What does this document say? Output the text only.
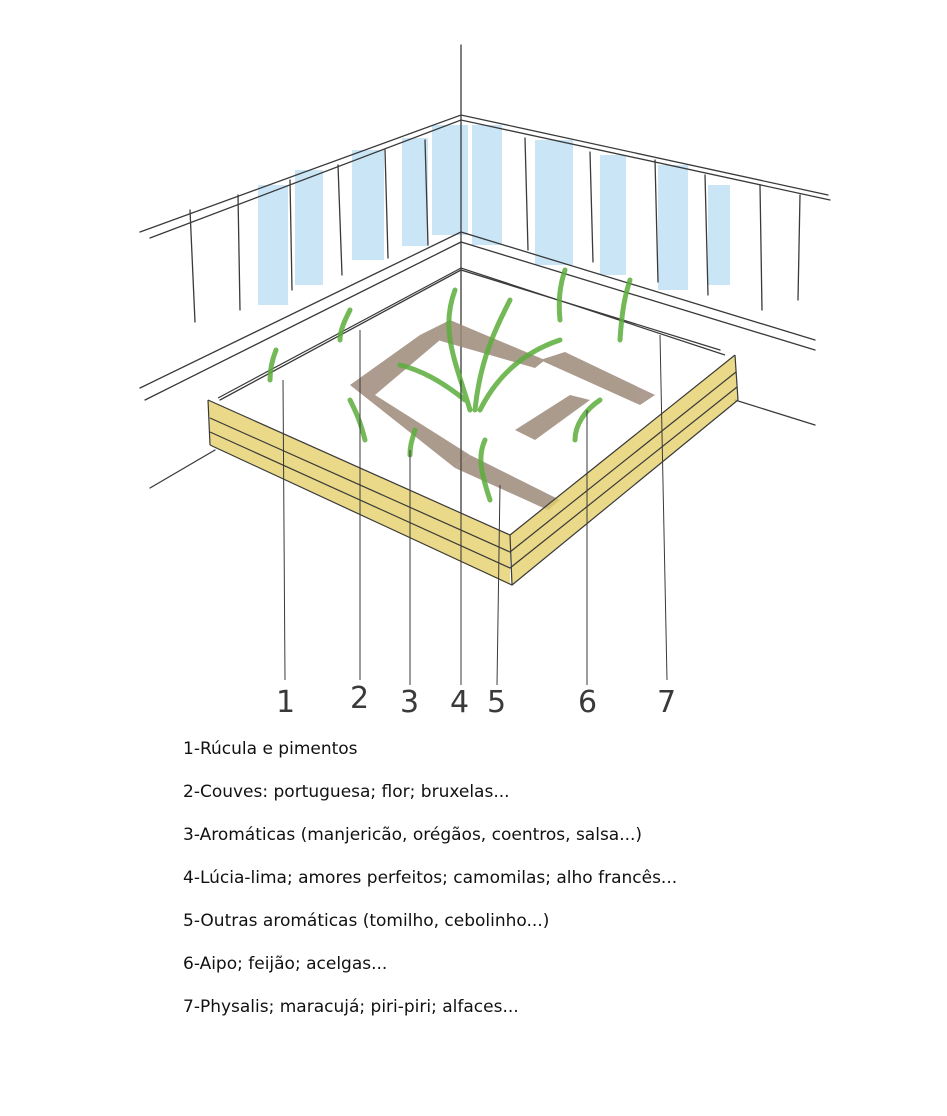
1 2 3 4 5 6 7
1-Rúcula e pimentos
2-Couves: portuguesa; flor; bruxelas...
3-Aromáticas (manjericão, orégãos, coentros, salsa...)
4-Lúcia-lima; amores perfeitos; camomilas; alho francês...
5-Outras aromáticas (tomilho, cebolinho...)
6-Aipo; feijão; acelgas...
7-Physalis; maracujá; piri-piri; alfaces...
